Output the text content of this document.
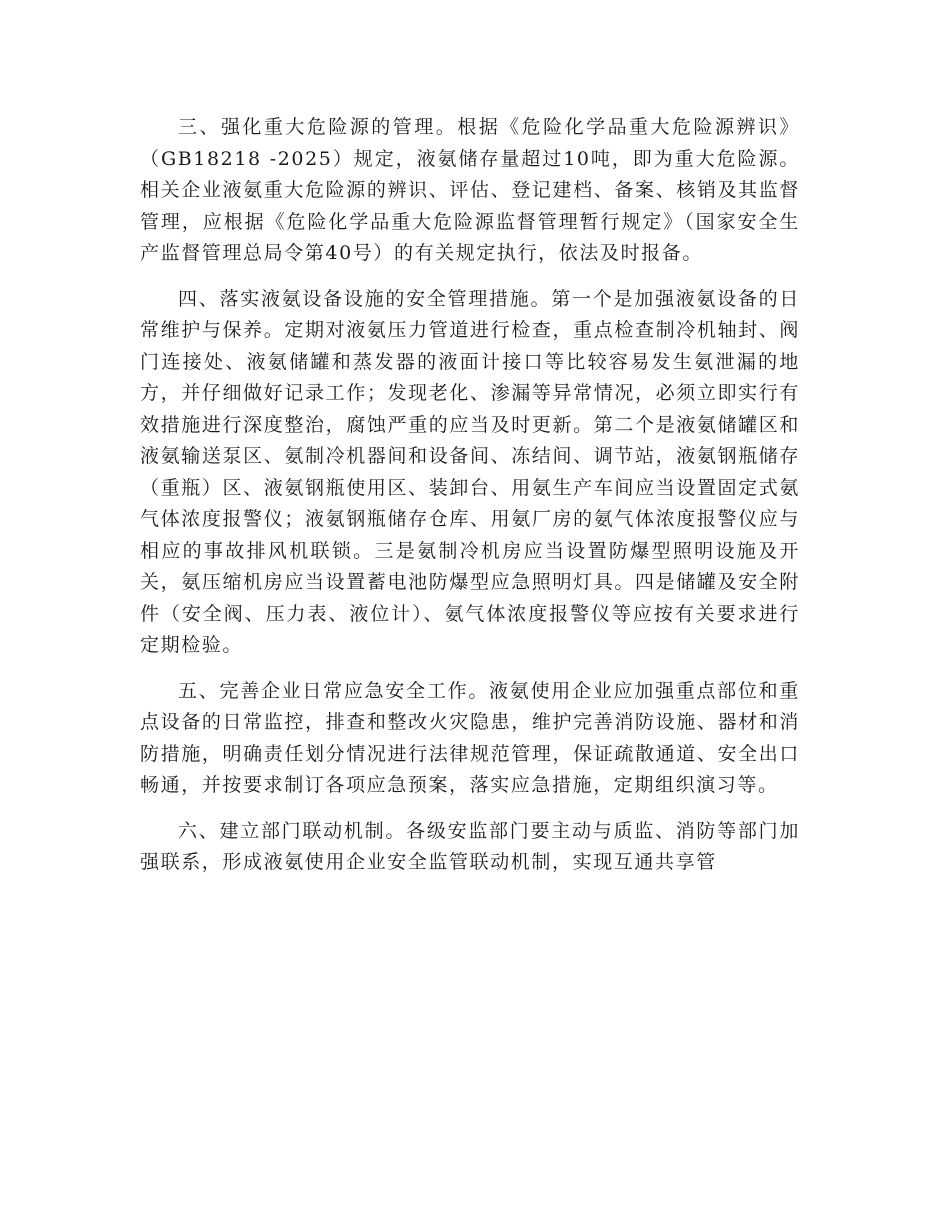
三、强化重大危险源的管理。根据《危险化学品重大危险源辨识》（GB18218 -2025）规定，液氨储存量超过10吨，即为重大危险源。相关企业液氨重大危险源的辨识、评估、登记建档、备案、核销及其监督管理，应根据《危险化学品重大危险源监督管理暂行规定》（国家安全生产监督管理总局令第40号）的有关规定执行，依法及时报备。

四、落实液氨设备设施的安全管理措施。第一个是加强液氨设备的日常维护与保养。定期对液氨压力管道进行检查，重点检查制冷机轴封、阀门连接处、液氨储罐和蒸发器的液面计接口等比较容易发生氨泄漏的地方，并仔细做好记录工作；发现老化、渗漏等异常情况，必须立即实行有效措施进行深度整治，腐蚀严重的应当及时更新。第二个是液氨储罐区和液氨输送泵区、氨制冷机器间和设备间、冻结间、调节站，液氨钢瓶储存（重瓶）区、液氨钢瓶使用区、装卸台、用氨生产车间应当设置固定式氨气体浓度报警仪；液氨钢瓶储存仓库、用氨厂房的氨气体浓度报警仪应与相应的事故排风机联锁。三是氨制冷机房应当设置防爆型照明设施及开关，氨压缩机房应当设置蓄电池防爆型应急照明灯具。四是储罐及安全附件（安全阀、压力表、液位计）、氨气体浓度报警仪等应按有关要求进行定期检验。

五、完善企业日常应急安全工作。液氨使用企业应加强重点部位和重点设备的日常监控，排查和整改火灾隐患，维护完善消防设施、器材和消防措施，明确责任划分情况进行法律规范管理，保证疏散通道、安全出口畅通，并按要求制订各项应急预案，落实应急措施，定期组织演习等。

六、建立部门联动机制。各级安监部门要主动与质监、消防等部门加强联系，形成液氨使用企业安全监管联动机制，实现互通共享管
